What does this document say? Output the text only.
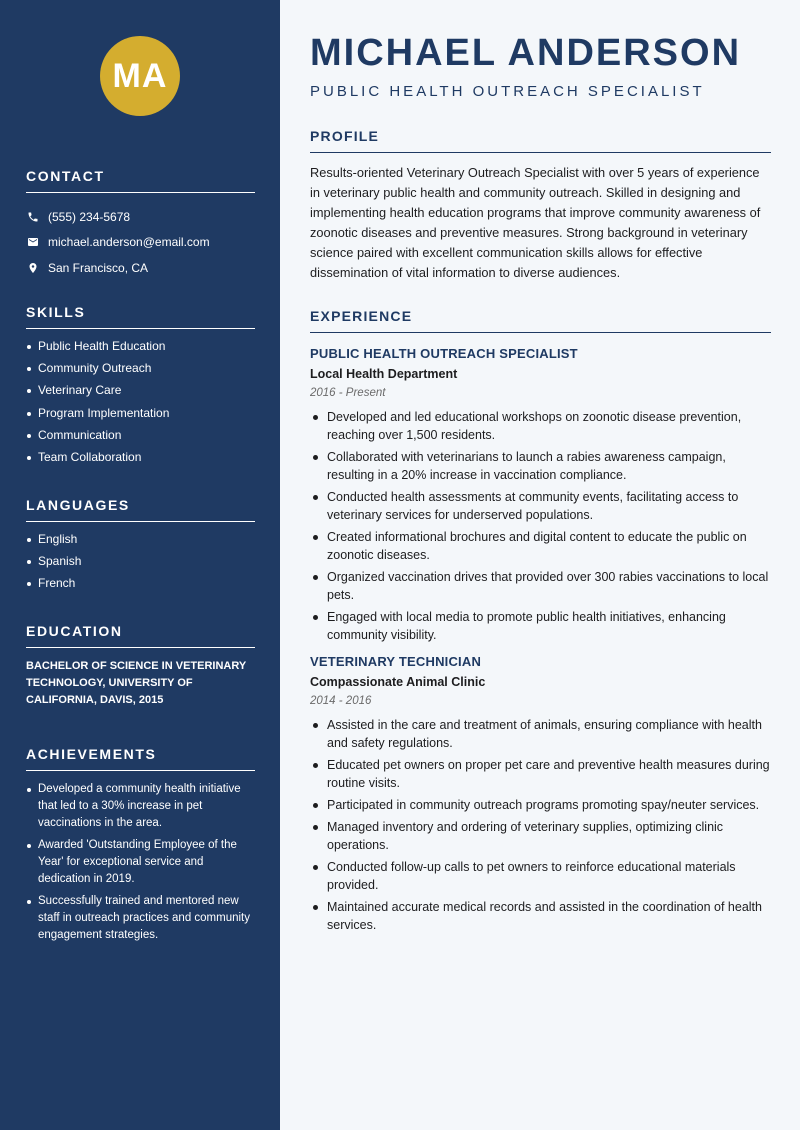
MA
CONTACT
(555) 234-5678
michael.anderson@email.com
San Francisco, CA
SKILLS
Public Health Education
Community Outreach
Veterinary Care
Program Implementation
Communication
Team Collaboration
LANGUAGES
English
Spanish
French
EDUCATION

BACHELOR OF SCIENCE IN VETERINARY TECHNOLOGY, UNIVERSITY OF CALIFORNIA, DAVIS, 2015

ACHIEVEMENTS
Developed a community health initiative that led to a 30% increase in pet vaccinations in the area.
Awarded 'Outstanding Employee of the Year' for exceptional service and dedication in 2019.
Successfully trained and mentored new staff in outreach practices and community engagement strategies.
MICHAEL ANDERSON
PUBLIC HEALTH OUTREACH SPECIALIST
PROFILE

Results-oriented Veterinary Outreach Specialist with over 5 years of experience in veterinary public health and community outreach. Skilled in designing and implementing health education programs that improve community awareness of zoonotic diseases and preventive measures. Strong background in veterinary science paired with excellent communication skills allows for effective dissemination of vital information to diverse audiences.

EXPERIENCE
PUBLIC HEALTH OUTREACH SPECIALIST
Local Health Department
2016 - Present
Developed and led educational workshops on zoonotic disease prevention, reaching over 1,500 residents.
Collaborated with veterinarians to launch a rabies awareness campaign, resulting in a 20% increase in vaccination compliance.
Conducted health assessments at community events, facilitating access to veterinary services for underserved populations.
Created informational brochures and digital content to educate the public on zoonotic diseases.
Organized vaccination drives that provided over 300 rabies vaccinations to local pets.
Engaged with local media to promote public health initiatives, enhancing community visibility.
VETERINARY TECHNICIAN
Compassionate Animal Clinic
2014 - 2016
Assisted in the care and treatment of animals, ensuring compliance with health and safety regulations.
Educated pet owners on proper pet care and preventive health measures during routine visits.
Participated in community outreach programs promoting spay/neuter services.
Managed inventory and ordering of veterinary supplies, optimizing clinic operations.
Conducted follow-up calls to pet owners to reinforce educational materials provided.
Maintained accurate medical records and assisted in the coordination of health services.
